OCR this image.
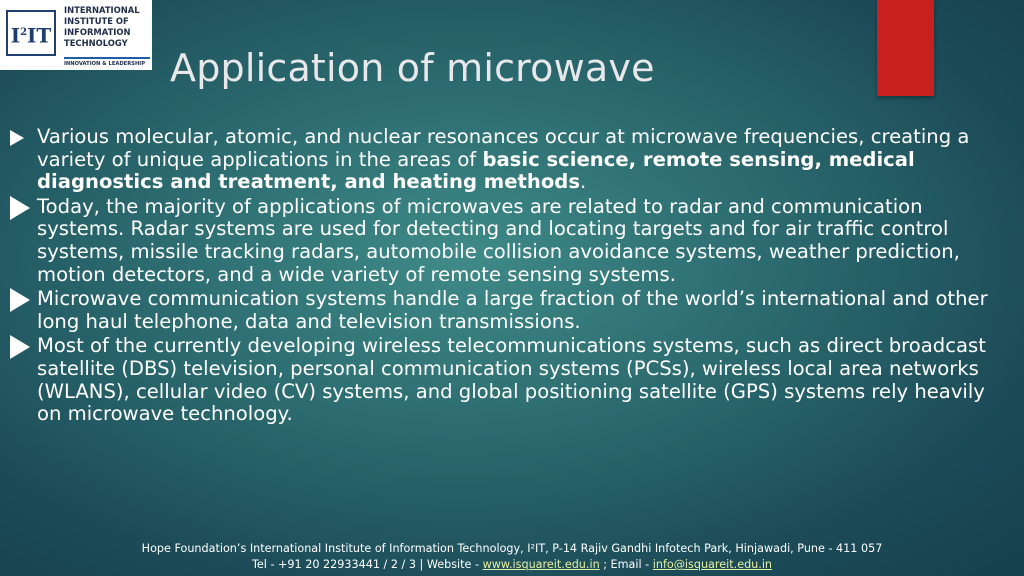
$I^2IT$
INTERNATIONAL
INSTITUTE OF
INFORMATION
TECHNOLOGY
INNOVATION & LEADERSHIP Application of microwave
Various molecular, atomic, and nuclear resonances occur at microwave frequencies, creating a variety of unique applications in the areas of basic science, remote sensing, medical diagnostics and treatment, and heating methods.
Today, the majority of applications of microwaves are related to radar and communication systems. Radar systems are used for detecting and locating targets and for air traffic control systems, missile tracking radars, automobile collision avoidance systems, weather prediction, motion detectors, and a wide variety of remote sensing systems.
Microwave communication systems handle a large fraction of the world’s international and other long haul telephone, data and television transmissions.
Most of the currently developing wireless telecommunications systems, such as direct broadcast satellite (DBS) television, personal communication systems (PCSs), wireless local area networks (WLANS), cellular video (CV) systems, and global positioning satellite (GPS) systems rely heavily on microwave technology.
Hope Foundation’s International Institute of Information Technology, I²IT, P-14 Rajiv Gandhi Infotech Park, Hinjawadi, Pune - 411 057
Tel - +91 20 22933441 / 2 / 3 | Website - www.isquareit.edu.in ; Email - info@isquareit.edu.in
